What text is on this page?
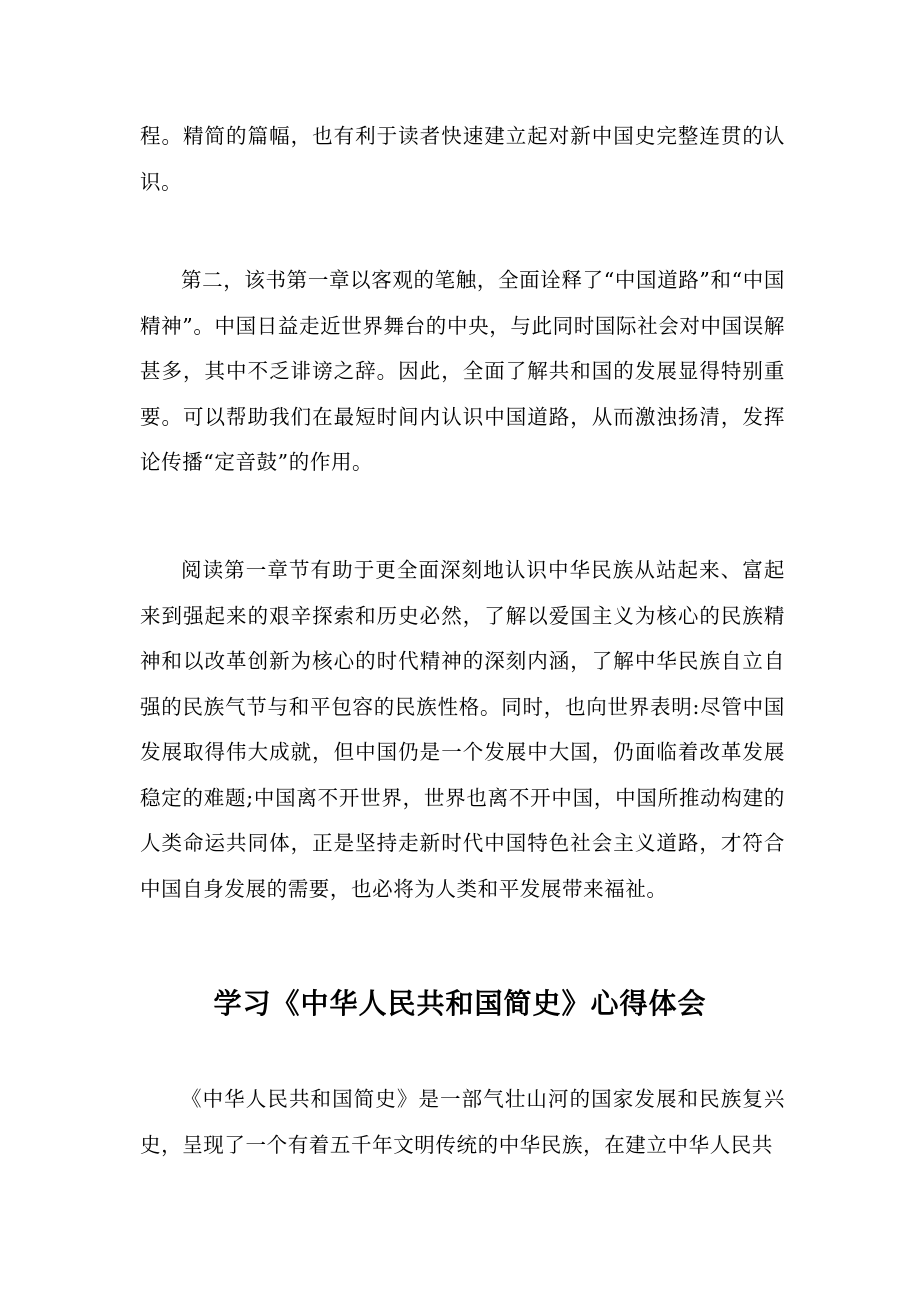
程。精简的篇幅，也有利于读者快速建立起对新中国史完整连贯的认识。

第二，该书第一章以客观的笔触，全面诠释了“中国道路”和“中国精神”。中国日益走近世界舞台的中央，与此同时国际社会对中国误解甚多，其中不乏诽谤之辞。因此，全面了解共和国的发展显得特别重要。可以帮助我们在最短时间内认识中国道路，从而激浊扬清，发挥论传播“定音鼓”的作用。

阅读第一章节有助于更全面深刻地认识中华民族从站起来、富起来到强起来的艰辛探索和历史必然，了解以爱国主义为核心的民族精神和以改革创新为核心的时代精神的深刻内涵，了解中华民族自立自强的民族气节与和平包容的民族性格。同时，也向世界表明:尽管中国发展取得伟大成就，但中国仍是一个发展中大国，仍面临着改革发展稳定的难题;中国离不开世界，世界也离不开中国，中国所推动构建的人类命运共同体，正是坚持走新时代中国特色社会主义道路，才符合中国自身发展的需要，也必将为人类和平发展带来福祉。

学习《中华人民共和国简史》心得体会

《中华人民共和国简史》是一部气壮山河的国家发展和民族复兴史，呈现了一个有着五千年文明传统的中华民族，在建立中华人民共
